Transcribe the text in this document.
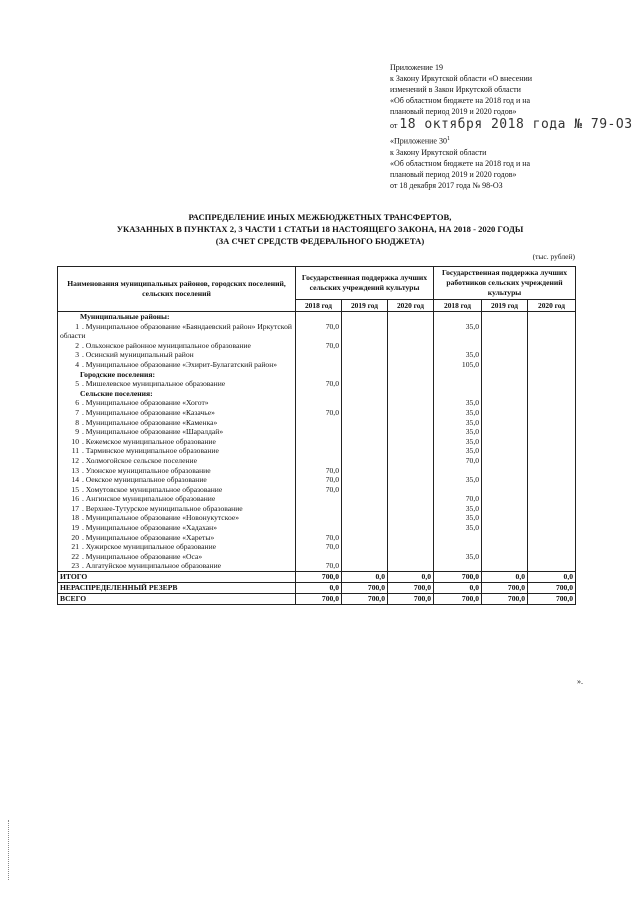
Приложение 19
к Закону Иркутской области «О внесении
изменений в Закон Иркутской области
«Об областном бюджете на 2018 год и на
плановый период 2019 и 2020 годов»
от 18 октября 2018 года № 79-ОЗ
«Приложение $30^1$
к Закону Иркутской области
«Об областном бюджете на 2018 год и на
плановый период 2019 и 2020 годов»
от 18 декабря 2017 года № 98-ОЗ
РАСПРЕДЕЛЕНИЕ ИНЫХ МЕЖБЮДЖЕТНЫХ ТРАНСФЕРТОВ,
УКАЗАННЫХ В ПУНКТАХ 2, 3 ЧАСТИ 1 СТАТЬИ 18 НАСТОЯЩЕГО ЗАКОНА, НА 2018 - 2020 ГОДЫ
(ЗА СЧЕТ СРЕДСТВ ФЕДЕРАЛЬНОГО БЮДЖЕТА)
(тыс. рублей)
Наименования муниципальных районов, городских поселений, сельских поселений	Государственная поддержка лучших сельских учреждений культуры			Государственная поддержка лучших работников сельских учреждений культуры		
	2018 год	2019 год	2020 год	2018 год	2019 год	2020 год
Муниципальные районы:						
1 . Муниципальное образование «Баяндаевский район» Иркутской области	70,0			35,0		
2 . Ольхонское районное муниципальное образование	70,0					
3 . Осинский муниципальный район				35,0		
4 . Муниципальное образование «Эхирит-Булагатский район»				105,0		
Городские поселения:						
5 . Мишелевское муниципальное образование	70,0					
Сельские поселения:						
6 . Муниципальное образование «Хогот»				35,0		
7 . Муниципальное образование «Казачье»	70,0			35,0		
8 . Муниципальное образование «Каменка»				35,0		
9 . Муниципальное образование «Шаралдай»				35,0		
10 . Кежемское муниципальное образование				35,0		
11 . Тарминское муниципальное образование				35,0		
12 . Холмогойское сельское поселение				70,0		
13 . Улонское муниципальное образование	70,0					
14 . Оекское муниципальное образование	70,0			35,0		
15 . Хомутовское муниципальное образование	70,0					
16 . Ангинское муниципальное образование				70,0		
17 . Верхнее-Тутурское муниципальное образование				35,0		
18 . Муниципальное образование «Новонукутское»				35,0		
19 . Муниципальное образование «Хадахан»				35,0		
20 . Муниципальное образование «Хареты»	70,0					
21 . Хужирское муниципальное образование	70,0					
22 . Муниципальное образование «Оса»				35,0		
23 . Алгатуйское муниципальное образование	70,0					
ИТОГО	700,0	0,0	0,0	700,0	0,0	0,0
НЕРАСПРЕДЕЛЕННЫЙ РЕЗЕРВ	0,0	700,0	700,0	0,0	700,0	700,0
ВСЕГО	700,0	700,0	700,0	700,0	700,0	700,0
».
